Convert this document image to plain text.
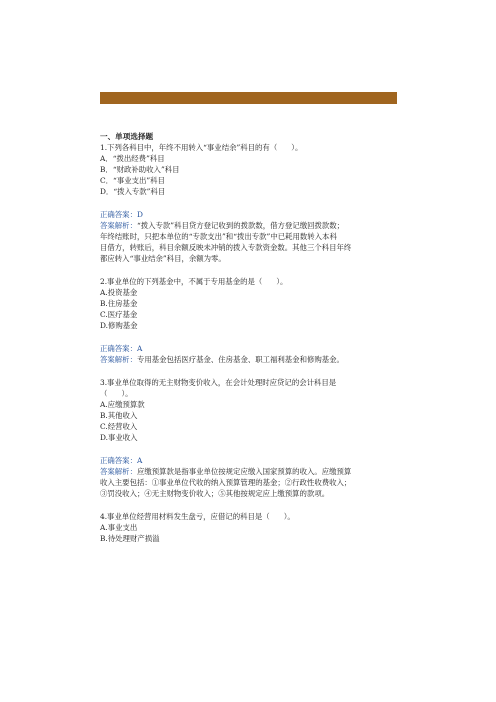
一、单项选择题

1.下列各科目中，年终不用转入“事业结余”科目的有（      ）。

A．“拨出经费”科目

B．“财政补助收入”科目

C．“事业支出”科目

D．“拨入专款”科目

正确答案：D

答案解析：“拨入专款”科目贷方登记收到的拨款数，借方登记缴回拨款数；

年终结账时，只把本单位的“专款支出”和“拨出专款”中已耗用数转入本科

目借方，转账后，科目余额反映未冲销的拨入专款资金数。其他三个科目年终

都应转入“事业结余”科目，余额为零。

2.事业单位的下列基金中，不属于专用基金的是（      ）。

A.投资基金

B.住房基金

C.医疗基金

D.修购基金

正确答案：A

答案解析：专用基金包括医疗基金、住房基金、职工福利基金和修购基金。

3.事业单位取得的无主财物变价收入，在会计处理时应贷记的会计科目是

（      ）。

A.应缴预算款

B.其他收入

C.经营收入

D.事业收入

正确答案：A

答案解析：应缴预算款是指事业单位按规定应缴入国家预算的收入。应缴预算

收入主要包括：①事业单位代收的纳入预算管理的基金；②行政性收费收入；

③罚没收入；④无主财物变价收入；⑤其他按规定应上缴预算的款项。

4.事业单位经营用材料发生盘亏，应借记的科目是（      ）。

A.事业支出

B.待处理财产损溢
